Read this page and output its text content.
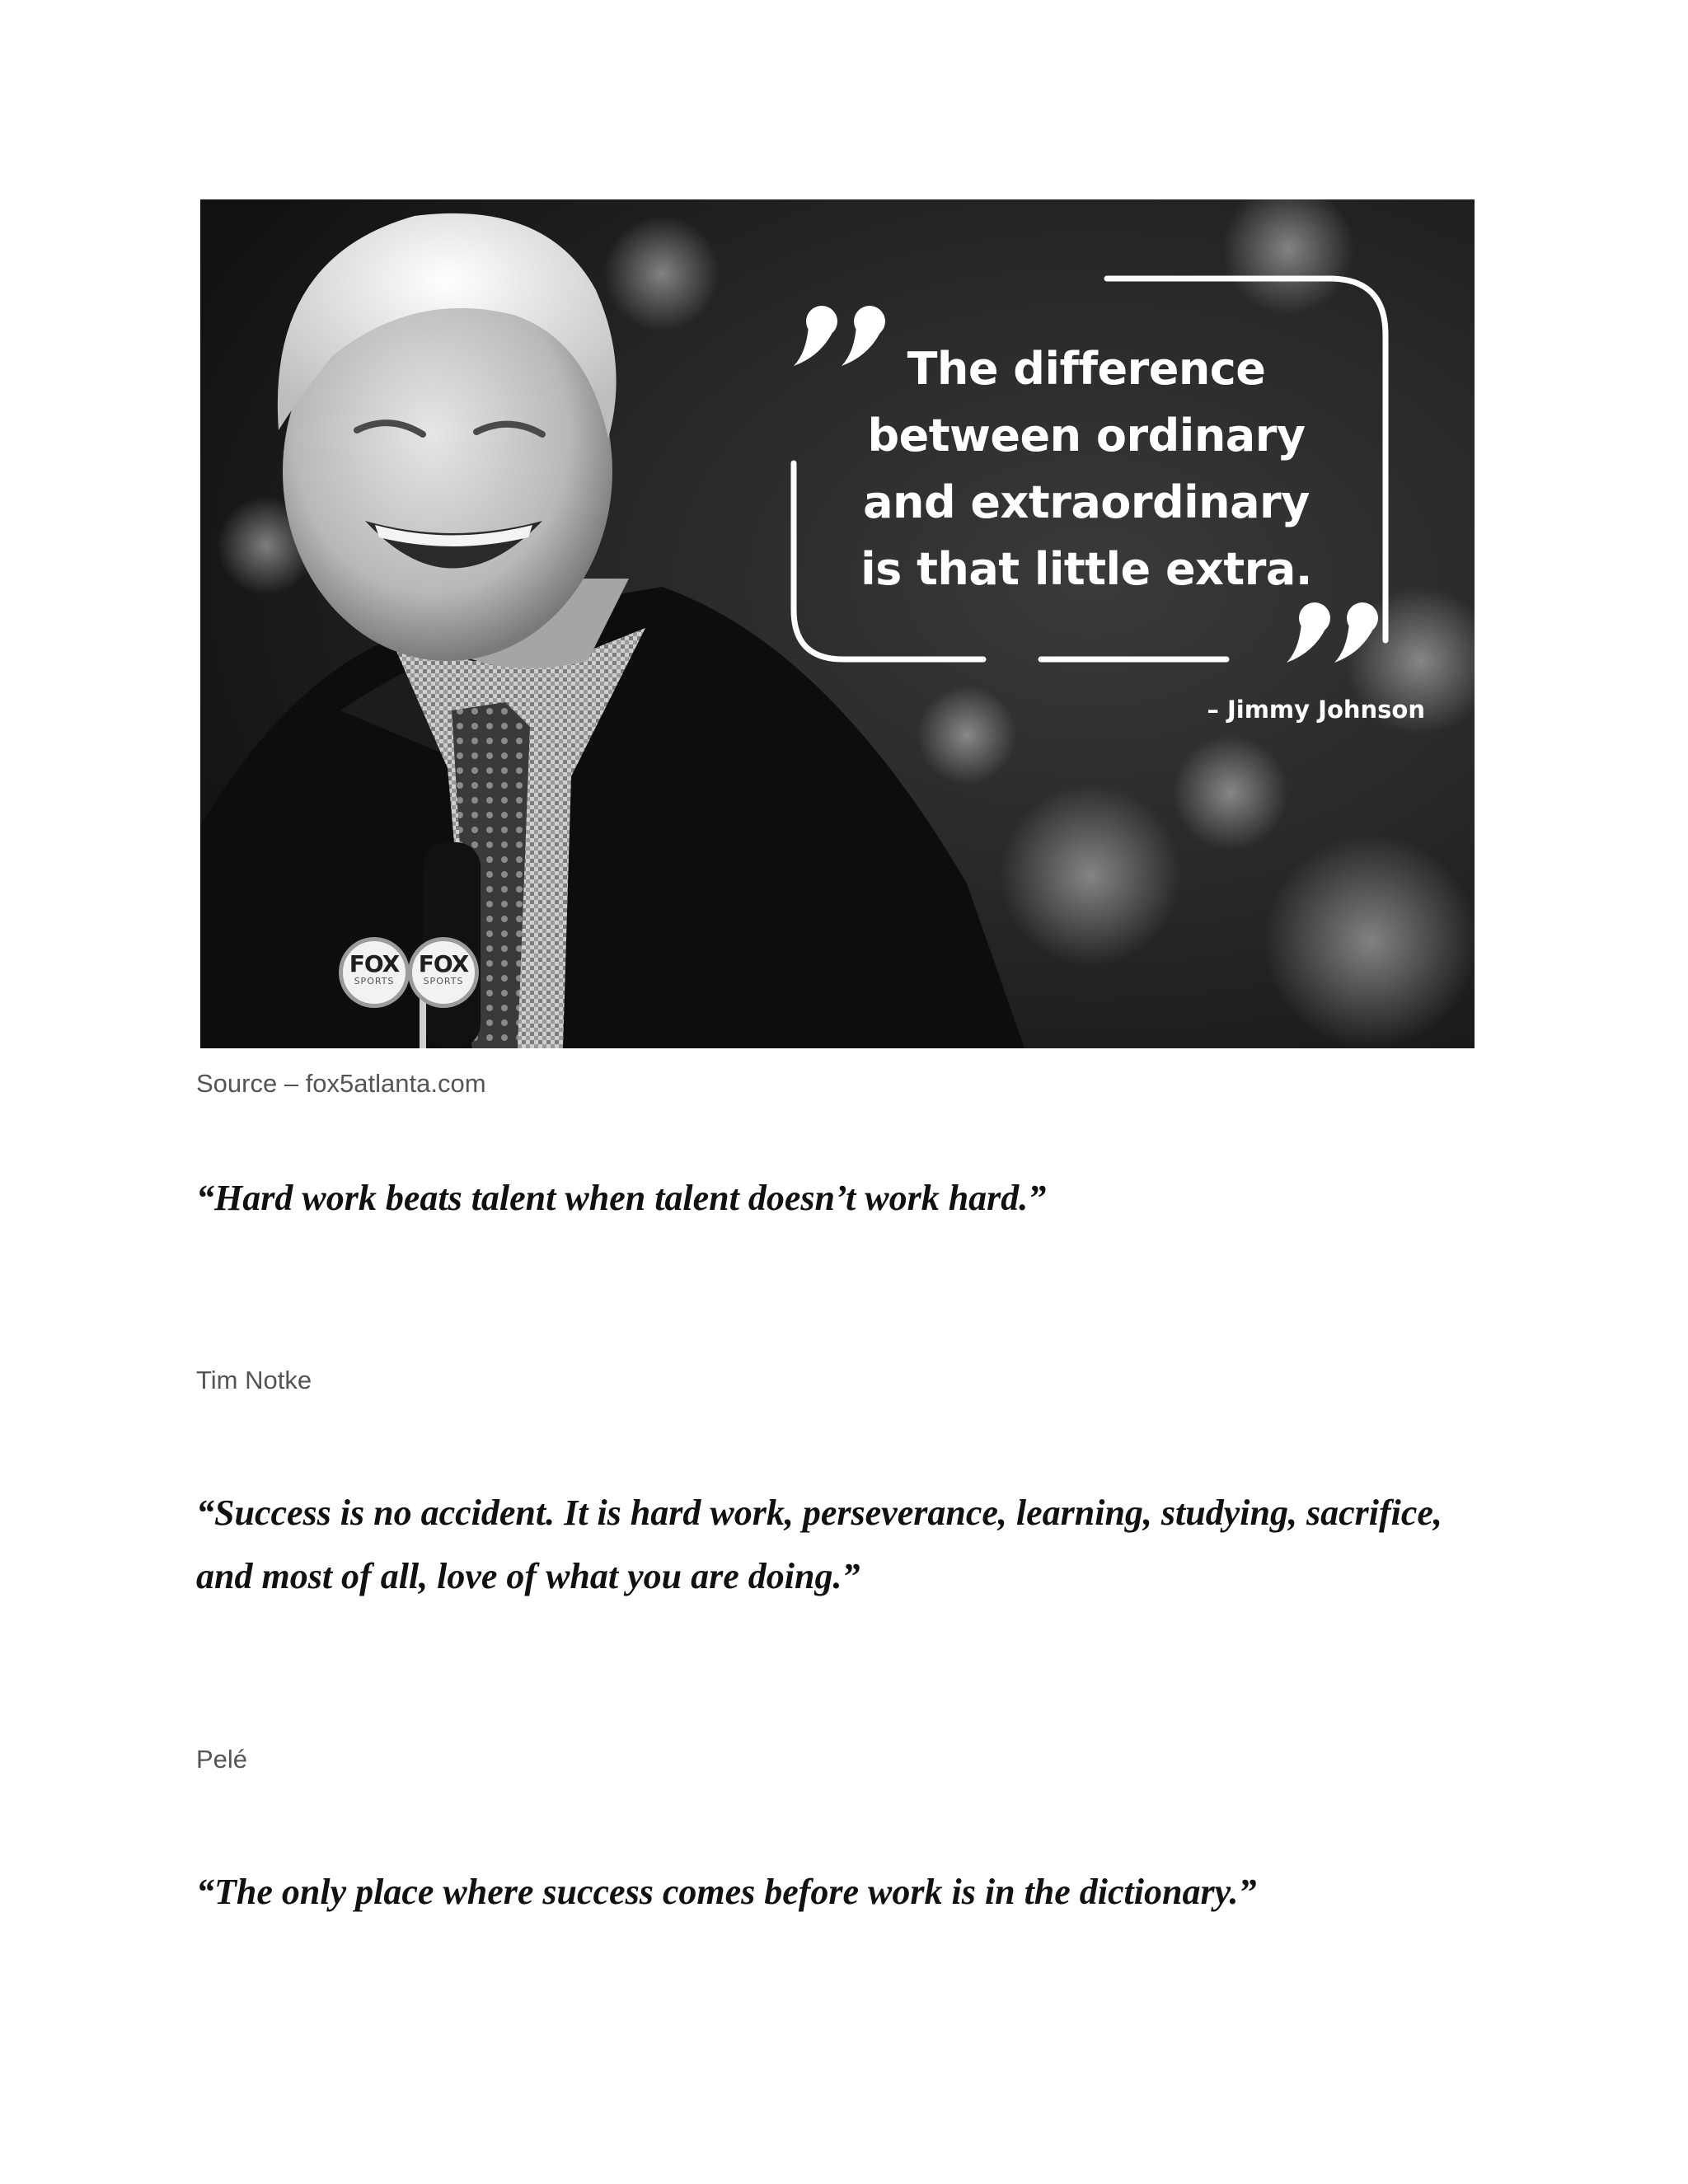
The difference between ordinary and extraordinary is that little extra.
– Jimmy Johnson
FOX
SPORTS
FOX
SPORTS
Source – fox5atlanta.com

“Hard work beats talent when talent doesn’t work hard.”

Tim Notke

“Success is no accident. It is hard work, perseverance, learning, studying, sacrifice, and most of all, love of what you are doing.”

Pelé

“The only place where success comes before work is in the dictionary.”
